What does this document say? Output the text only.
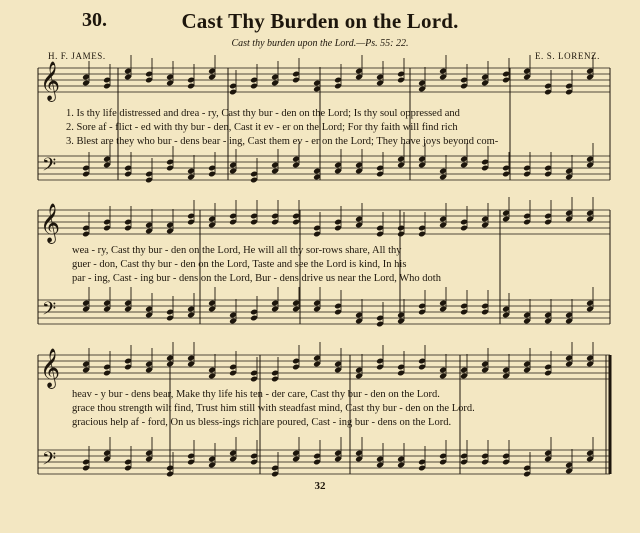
30.	Cast Thy Burden on the Lord.
Cast thy burden upon the Lord.—Ps. 55: 22.
H. F. JAMES.	E. S. LORENZ.
𝄞
𝄢
𝄞
𝄢
𝄞
𝄢
1. Is thy life distressed and drea - ry, Cast thy bur - den on the Lord; Is thy soul oppressed and
2. Sore af - flict - ed with thy bur - den, Cast it ev - er on the Lord; For thy faith will find rich
3. Blest are they who bur - dens bear - ing, Cast them ev - er on the Lord; They have joys beyond com-
wea - ry, Cast thy bur - den on the Lord, He will all thy sor-rows share, All thy
guer - don, Cast thy bur - den on the Lord, Taste and see the Lord is kind, In his
par - ing, Cast - ing bur - dens on the Lord, Bur - dens drive us near the Lord, Who doth
heav - y bur - dens bear, Make thy life his ten - der care, Cast thy bur - den on the Lord.
grace thou strength wilt find, Trust him still with steadfast mind, Cast thy bur - den on the Lord.
gracious help af - ford, On us bless-ings rich are poured, Cast - ing bur - dens on the Lord.
32
